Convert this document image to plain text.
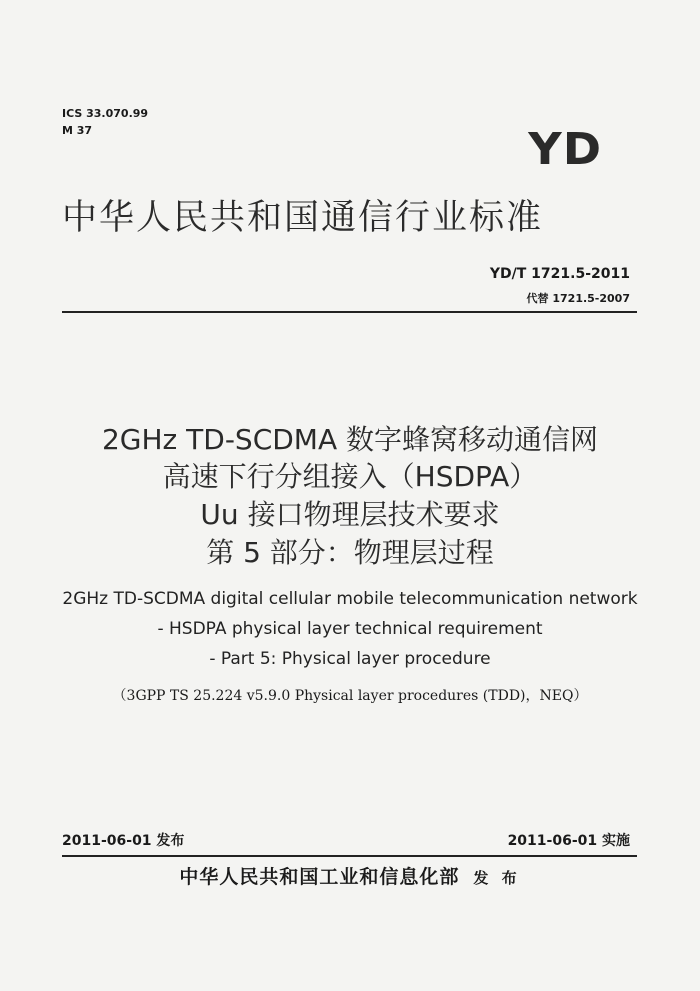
ICS 33.070.99
M 37	YD
中华人民共和国通信行业标准
YD/T 1721.5-2011
代替 1721.5-2007
2GHz TD-SCDMA 数字蜂窝移动通信网
高速下行分组接入（HSDPA）
Uu 接口物理层技术要求
第 5 部分：物理层过程
2GHz TD-SCDMA digital cellular mobile telecommunication network
- HSDPA physical layer technical requirement
- Part 5: Physical layer procedure
（3GPP TS 25.224 v5.9.0 Physical layer procedures (TDD)，NEQ）
2011-06-01 发布	2011-06-01 实施
中华人民共和国工业和信息化部 发 布
